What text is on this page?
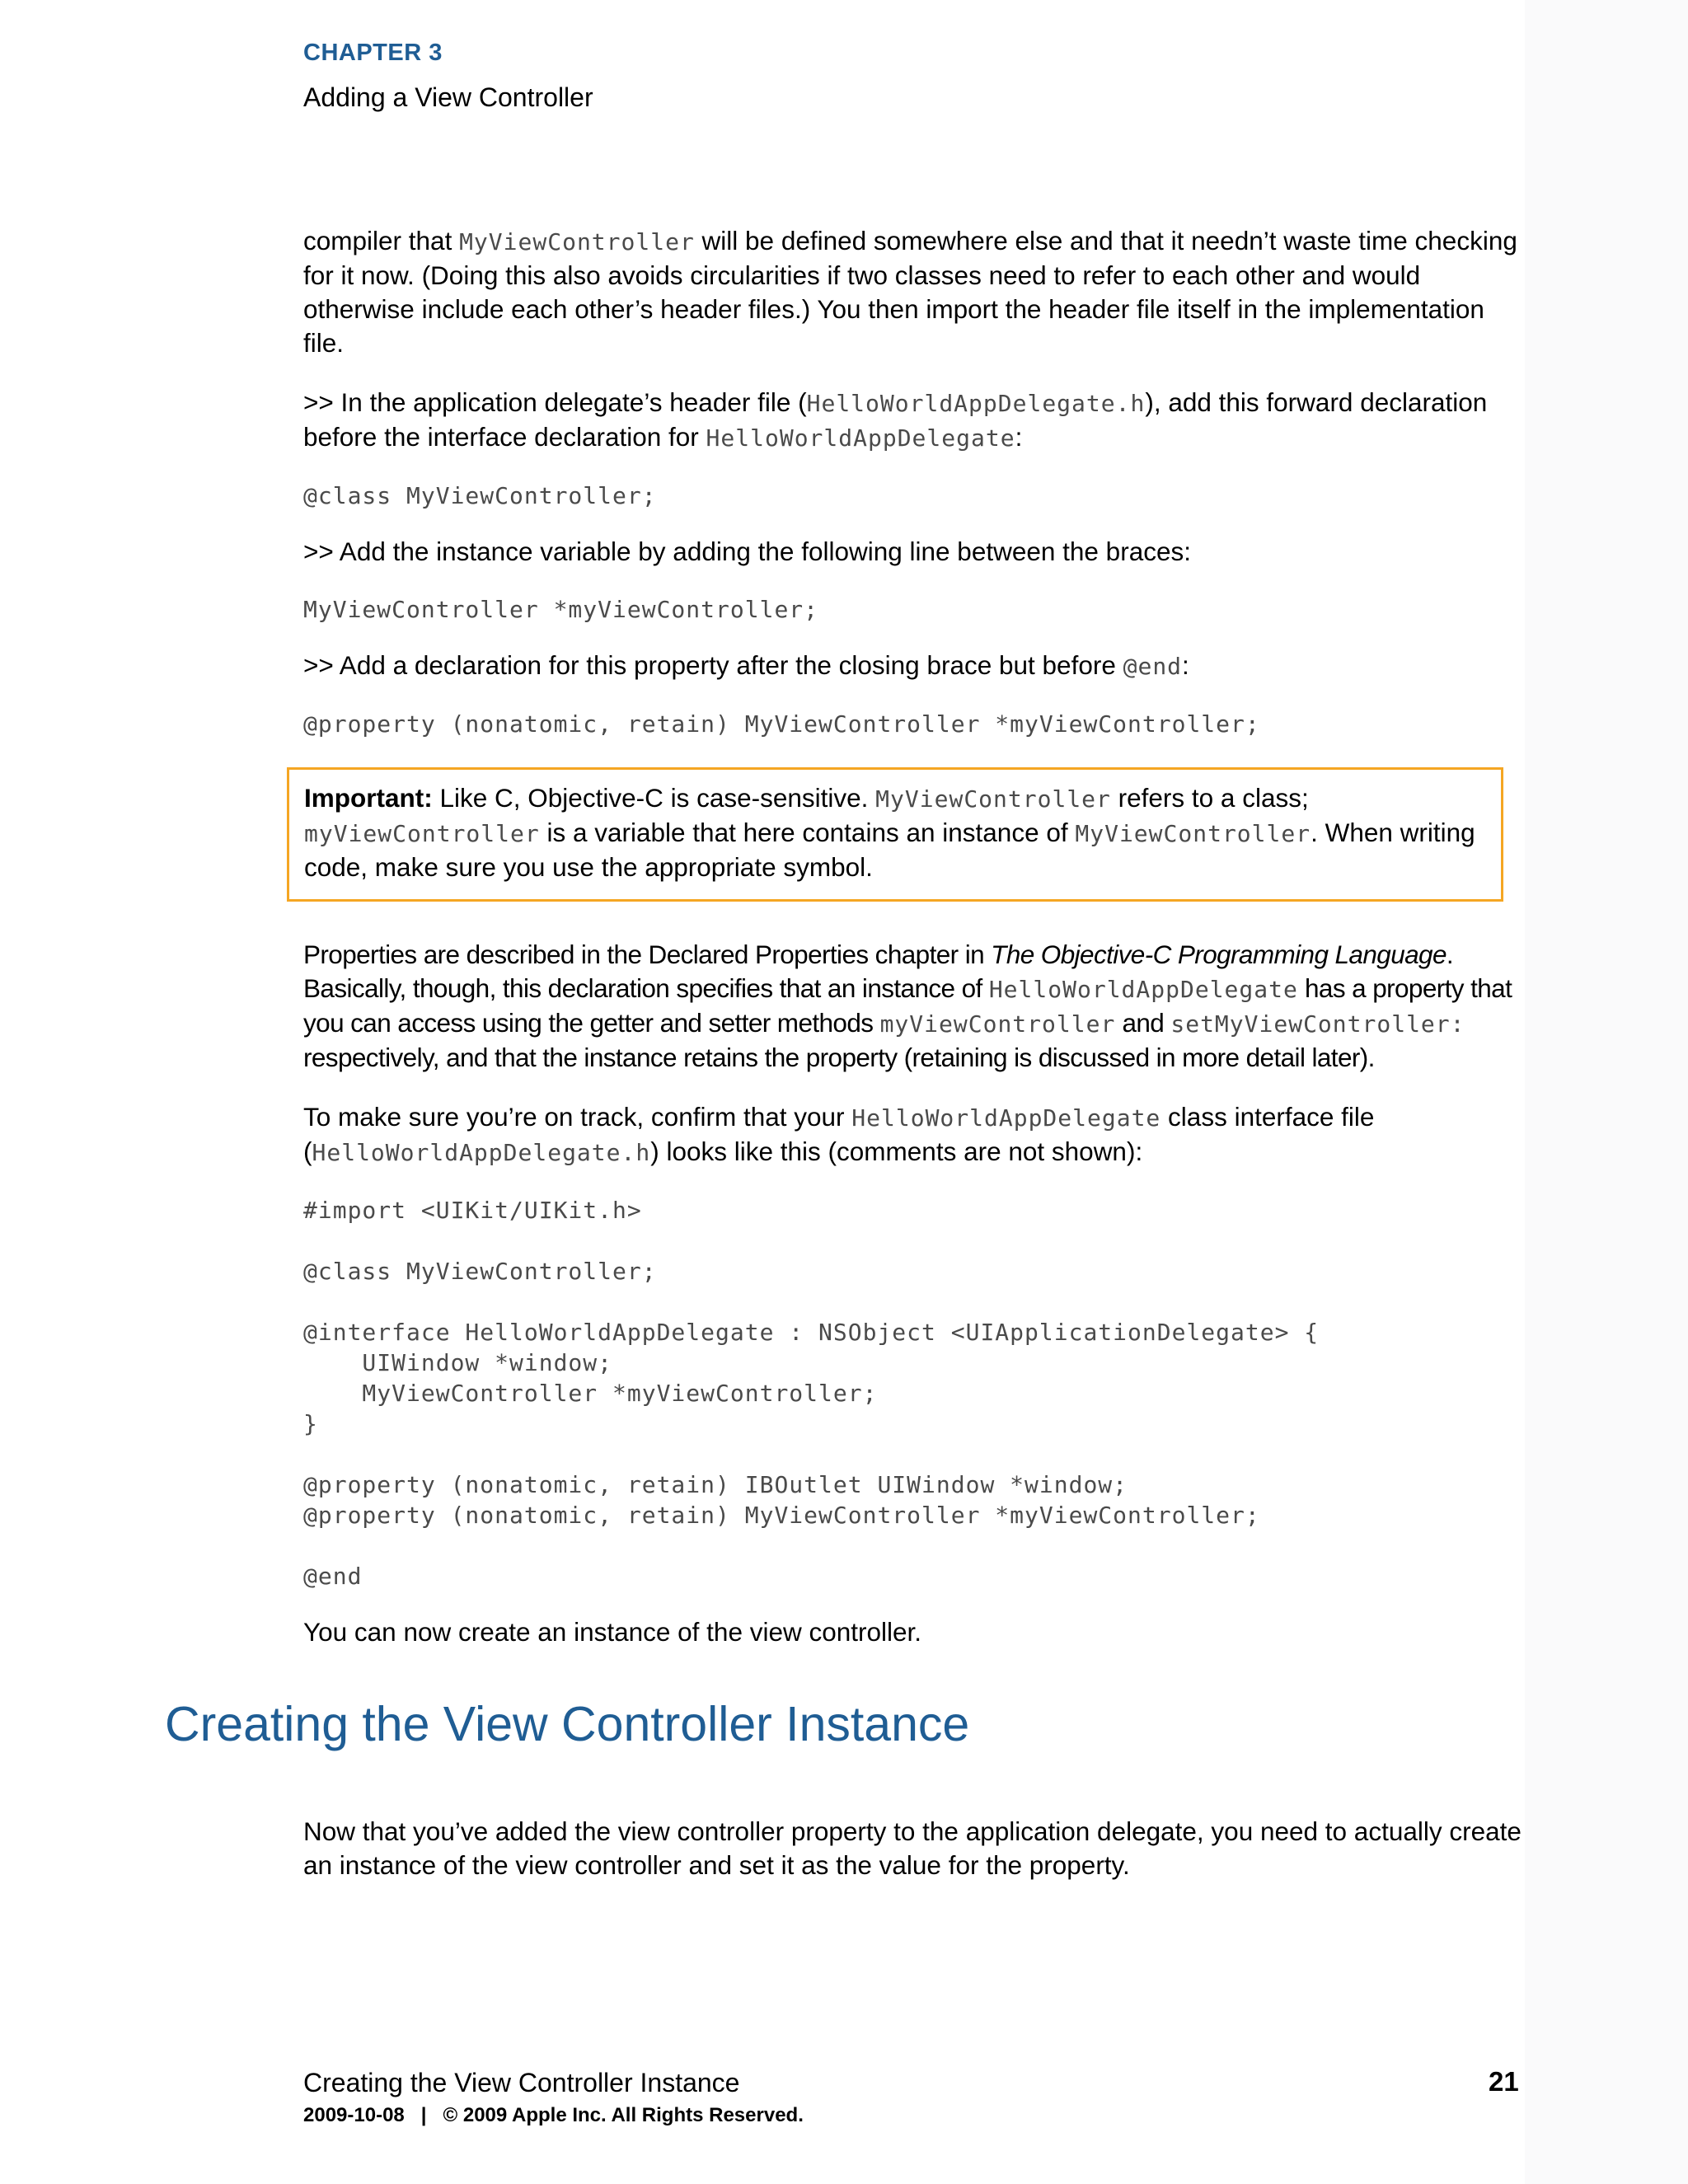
CHAPTER 3
Adding a View Controller

compiler that MyViewController will be defined somewhere else and that it needn’t waste time checking for it now. (Doing this also avoids circularities if two classes need to refer to each other and would otherwise include each other’s header files.) You then import the header file itself in the implementation file.

>> In the application delegate’s header file (HelloWorldAppDelegate.h), add this forward declaration before the interface declaration for HelloWorldAppDelegate:

@class MyViewController;

>> Add the instance variable by adding the following line between the braces:

MyViewController *myViewController;

>> Add a declaration for this property after the closing brace but before @end:

@property (nonatomic, retain) MyViewController *myViewController;

Important: Like C, Objective-C is case-sensitive. MyViewController refers to a class; myViewController is a variable that here contains an instance of MyViewController. When writing code, make sure you use the appropriate symbol.

Properties are described in the Declared Properties chapter in The Objective-C Programming Language. Basically, though, this declaration specifies that an instance of HelloWorldAppDelegate has a property that you can access using the getter and setter methods myViewController and setMyViewController: respectively, and that the instance retains the property (retaining is discussed in more detail later).

To make sure you’re on track, confirm that your HelloWorldAppDelegate class interface file (HelloWorldAppDelegate.h) looks like this (comments are not shown):

#import <UIKit/UIKit.h>

@class MyViewController;

@interface HelloWorldAppDelegate : NSObject <UIApplicationDelegate> {
UIWindow *window;
MyViewController *myViewController;
}

@property (nonatomic, retain) IBOutlet UIWindow *window;
@property (nonatomic, retain) MyViewController *myViewController;

@end

You can now create an instance of the view controller.

Creating the View Controller Instance

Now that you’ve added the view controller property to the application delegate, you need to actually create an instance of the view controller and set it as the value for the property.

Creating the View Controller Instance	21
2009-10-08   |   © 2009 Apple Inc. All Rights Reserved.
